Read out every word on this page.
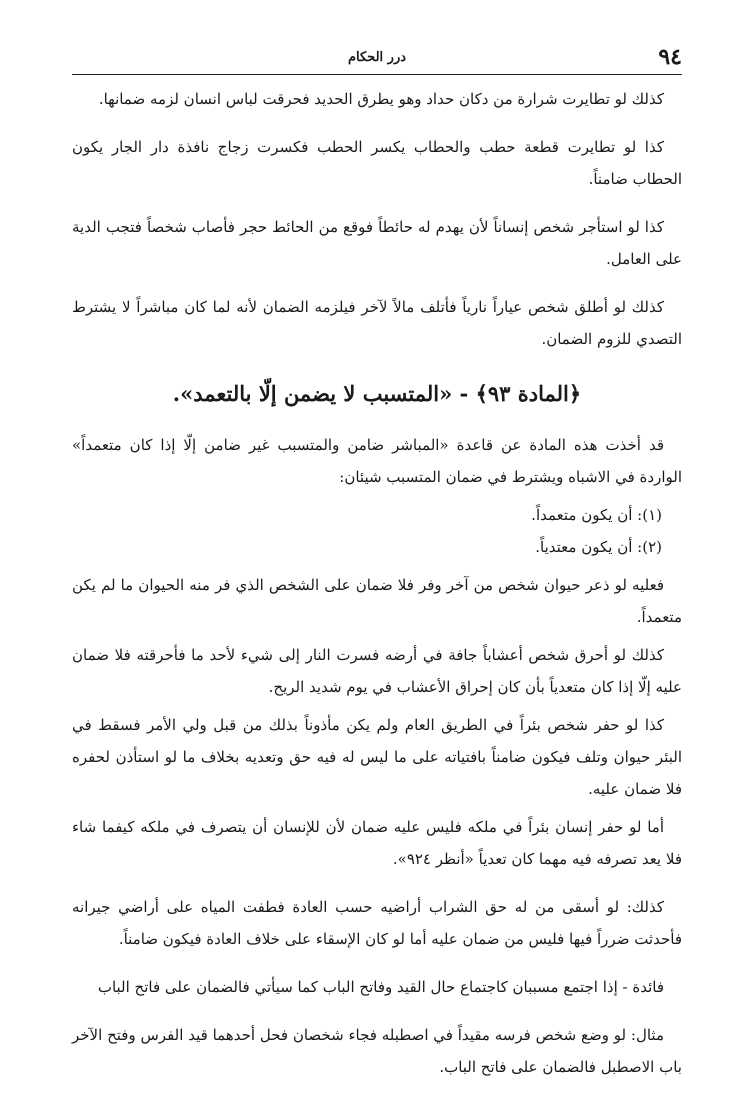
٩٤
درر الحكام

كذلك لو تطايرت شرارة من دكان حداد وهو يطرق الحديد فحرقت لباس انسان لزمه ضمانها.

كذا لو تطايرت قطعة حطب والحطاب يكسر الحطب فكسرت زجاج نافذة دار الجار يكون الحطاب ضامناً.

كذا لو استأجر شخص إنساناً لأن يهدم له حائطاً فوقع من الحائط حجر فأصاب شخصاً فتجب الدية على العامل.

كذلك لو أطلق شخص عياراً نارياً فأتلف مالاً لآخر فيلزمه الضمان لأنه لما كان مباشراً لا يشترط التصدي للزوم الضمان.

﴿المادة ٩٣﴾ - «المتسبب لا يضمن إلّا بالتعمد».

قد أخذت هذه المادة عن قاعدة «المباشر ضامن والمتسبب غير ضامن إلّا إذا كان متعمداً» الواردة في الاشباه ويشترط في ضمان المتسبب شيئان:

(١): أن يكون متعمداً.

(٢): أن يكون معتدياً.

فعليه لو ذعر حيوان شخص من آخر وفر فلا ضمان على الشخص الذي فر منه الحيوان ما لم يكن متعمداً.

كذلك لو أحرق شخص أعشاباً جافة في أرضه فسرت النار إلى شيء لأحد ما فأحرقته فلا ضمان عليه إلّا إذا كان متعدياً بأن كان إحراق الأعشاب في يوم شديد الريح.

كذا لو حفر شخص بئراً في الطريق العام ولم يكن مأذوناً بذلك من قبل ولي الأمر فسقط في البئر حيوان وتلف فيكون ضامناً بافتياته على ما ليس له فيه حق وتعديه بخلاف ما لو استأذن لحفره فلا ضمان عليه.

أما لو حفر إنسان بئراً في ملكه فليس عليه ضمان لأن للإنسان أن يتصرف في ملكه كيفما شاء فلا يعد تصرفه فيه مهما كان تعدياً «أنظر ٩٢٤».

كذلك: لو أسقى من له حق الشراب أراضيه حسب العادة فطفت المياه على أراضي جيرانه فأحدثت ضرراً فيها فليس من ضمان عليه أما لو كان الإسقاء على خلاف العادة فيكون ضامناً.

فائدة - إذا اجتمع مسببان كاجتماع حال القيد وفاتح الباب كما سيأتي فالضمان على فاتح الباب

مثال: لو وضع شخص فرسه مقيداً في اصطبله فجاء شخصان فحل أحدهما قيد الفرس وفتح الآخر باب الاصطبل فالضمان على فاتح الباب.
